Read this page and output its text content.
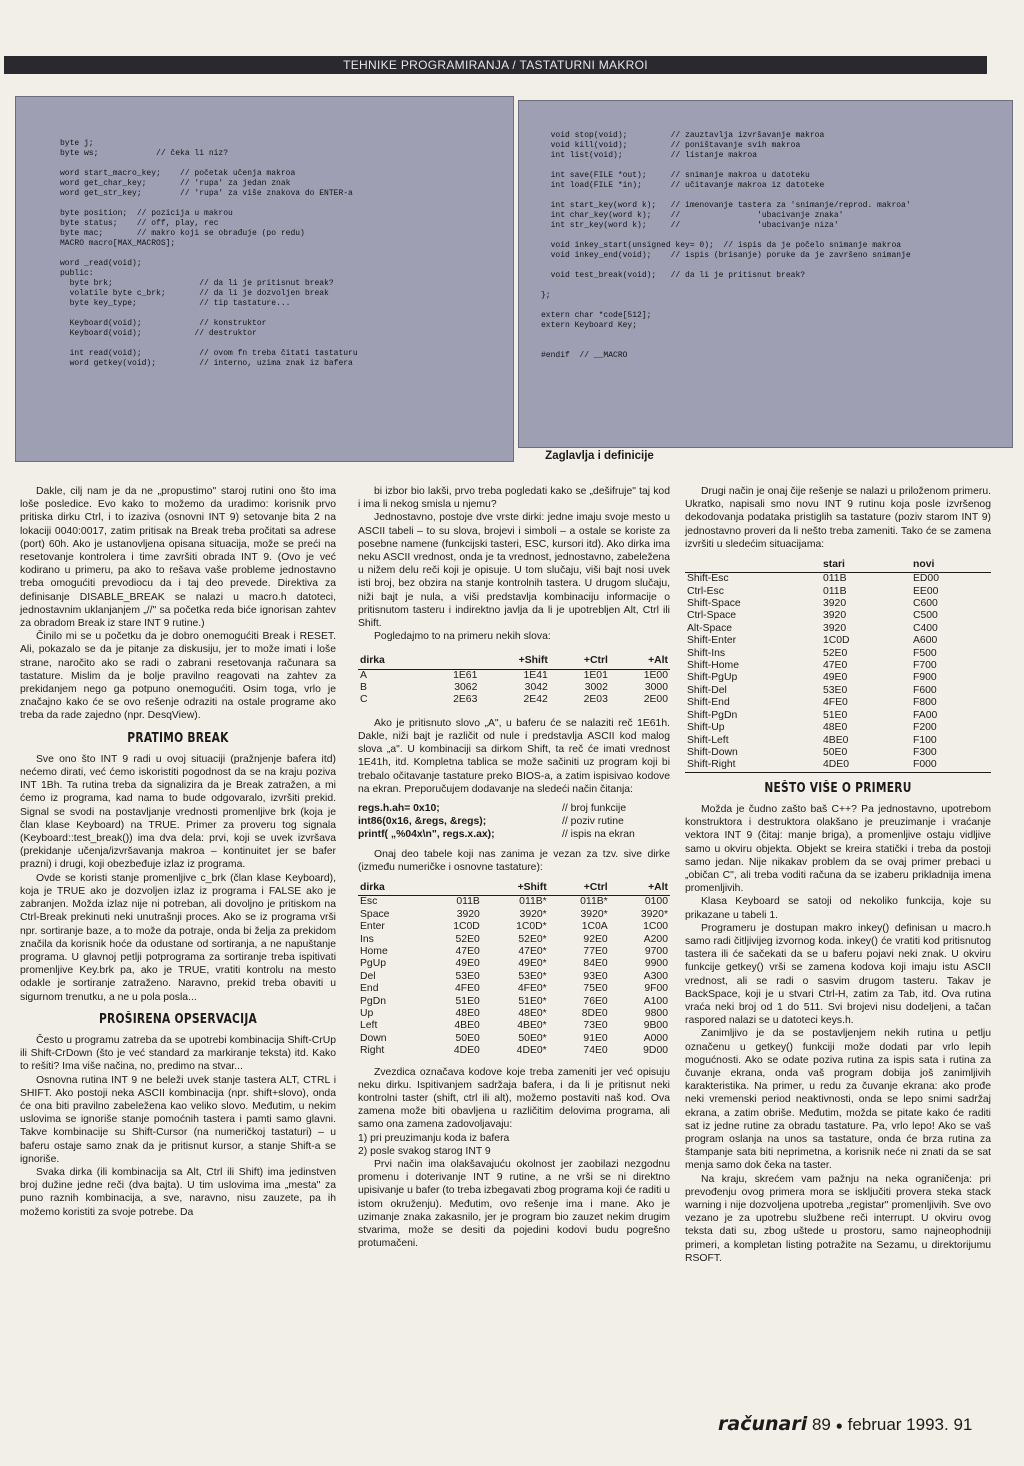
TEHNIKE PROGRAMIRANJA / TASTATURNI MAKROI

byte j;
byte ws;            // čeka li niz?

word start_macro_key;    // početak učenja makroa
word get_char_key;       // 'rupa' za jedan znak
word get_str_key;        // 'rupa' za više znakova do ENTER-a

byte position;  // pozicija u makrou
byte status;    // off, play, rec
byte mac;       // makro koji se obrađuje (po redu)
MACRO macro[MAX_MACROS];

word _read(void);
public:
byte brk;                  // da li je pritisnut break?
volatile byte c_brk;       // da li je dozvoljen break
byte key_type;             // tip tastature...

Keyboard(void);            // konstruktor
Keyboard(void);           // destruktor

int read(void);            // ovom fn treba čitati tastaturu
word getkey(void);         // interno, uzima znak iz bafera

void stop(void);         // zauztavlja izvršavanje makroa
void kill(void);         // poništavanje svih makroa
int list(void);          // listanje makroa

int save(FILE *out);     // snimanje makroa u datoteku
int load(FILE *in);      // učitavanje makroa iz datoteke

int start_key(word k);   // imenovanje tastera za 'snimanje/reprod. makroa'
int char_key(word k);    //                'ubacivanje znaka'
int str_key(word k);     //                'ubacivanje niza'

void inkey_start(unsigned key= 0);  // ispis da je počelo snimanje makroa
void inkey_end(void);    // ispis (brisanje) poruke da je završeno snimanje

void test_break(void);   // da li je pritisnut break?

};

extern char *code[512];
extern Keyboard Key;

#endif  // __MACRO

Zaglavlja i definicije

Dakle, cilj nam je da ne „propustimo" staroj rutini ono što ima loše posledice. Evo kako to možemo da uradimo: korisnik prvo pritiska dirku Ctrl, i to izaziva (osnovni INT 9) setovanje bita 2 na lokaciji 0040:0017, zatim pritisak na Break treba pročitati sa adrese (port) 60h. Ako je ustanovljena opisana situacija, može se preći na resetovanje kontrolera i time završiti obrada INT 9. (Ovo je već kodirano u primeru, pa ako to rešava vaše probleme jednostavno treba omogućiti prevodiocu da i taj deo prevede. Direktiva za definisanje DISABLE_BREAK se nalazi u macro.h datoteci, jednostavnim uklanjanjem „//" sa početka reda biće ignorisan zahtev za obradom Break iz stare INT 9 rutine.)

Činilo mi se u početku da je dobro onemogućiti Break i RESET. Ali, pokazalo se da je pitanje za diskusiju, jer to može imati i loše strane, naročito ako se radi o zabrani resetovanja računara sa tastature. Mislim da je bolje pravilno reagovati na zahtev za prekidanjem nego ga potpuno onemogućiti. Osim toga, vrlo je značajno kako će se ovo rešenje odraziti na ostale programe ako treba da rade zajedno (npr. DesqView).

PRATIMO BREAK

Sve ono što INT 9 radi u ovoj situaciji (pražnjenje bafera itd) nećemo dirati, već ćemo iskoristiti pogodnost da se na kraju poziva INT 1Bh. Ta rutina treba da signalizira da je Break zatražen, a mi ćemo iz programa, kad nama to bude odgovaralo, izvršiti prekid. Signal se svodi na postavljanje vrednosti promenljive brk (koja je član klase Keyboard) na TRUE. Primer za proveru tog signala (Keyboard::test_break()) ima dva dela: prvi, koji se uvek izvršava (prekidanje učenja/izvršavanja makroa – kontinuitet jer se bafer prazni) i drugi, koji obezbeđuje izlaz iz programa.

Ovde se koristi stanje promenljive c_brk (član klase Keyboard), koja je TRUE ako je dozvoljen izlaz iz programa i FALSE ako je zabranjen. Možda izlaz nije ni potreban, ali dovoljno je pritiskom na Ctrl-Break prekinuti neki unutrašnji proces. Ako se iz programa vrši npr. sortiranje baze, a to može da potraje, onda bi želja za prekidom značila da korisnik hoće da odustane od sortiranja, a ne napuštanje programa. U glavnoj petlji potprograma za sortiranje treba ispitivati promenljive Key.brk pa, ako je TRUE, vratiti kontrolu na mesto odakle je sortiranje zatraženo. Naravno, prekid treba obaviti u sigurnom trenutku, a ne u pola posla...

PROŠIRENA OPSERVACIJA

Često u programu zatreba da se upotrebi kombinacija Shift-CrUp ili Shift-CrDown (što je već standard za markiranje teksta) itd. Kako to rešiti? Ima više načina, no, predimo na stvar...

Osnovna rutina INT 9 ne beleži uvek stanje tastera ALT, CTRL i SHIFT. Ako postoji neka ASCII kombinacija (npr. shift+slovo), onda će ona biti pravilno zabeležena kao veliko slovo. Međutim, u nekim uslovima se ignoriše stanje pomoćnih tastera i pamti samo glavni. Takve kombinacije su Shift-Cursor (na numeričkoj tastaturi) – u baferu ostaje samo znak da je pritisnut kursor, a stanje Shift-a se ignoriše.

Svaka dirka (ili kombinacija sa Alt, Ctrl ili Shift) ima jedinstven broj dužine jedne reči (dva bajta). U tim uslovima ima „mesta" za puno raznih kombinacija, a sve, naravno, nisu zauzete, pa ih možemo koristiti za svoje potrebe. Da

bi izbor bio lakši, prvo treba pogledati kako se „dešifruje" taj kod i ima li nekog smisla u njemu?

Jednostavno, postoje dve vrste dirki: jedne imaju svoje mesto u ASCII tabeli – to su slova, brojevi i simboli – a ostale se koriste za posebne namene (funkcijski tasteri, ESC, kursori itd). Ako dirka ima neku ASCII vrednost, onda je ta vrednost, jednostavno, zabeležena u nižem delu reči koji je opisuje. U tom slučaju, viši bajt nosi uvek isti broj, bez obzira na stanje kontrolnih tastera. U drugom slučaju, niži bajt je nula, a viši predstavlja kombinaciju informacije o pritisnutom tasteru i indirektno javlja da li je upotrebljen Alt, Ctrl ili Shift.

Pogledajmo to na primeru nekih slova:

dirka		+Shift	+Ctrl	+Alt
A	1E61	1E41	1E01	1E00
B	3062	3042	3002	3000
C	2E63	2E42	2E03	2E00

Ako je pritisnuto slovo „A", u baferu će se nalaziti reč 1E61h. Dakle, niži bajt je različit od nule i predstavlja ASCII kod malog slova „a". U kombinaciji sa dirkom Shift, ta reč će imati vrednost 1E41h, itd. Kompletna tablica se može sačiniti uz program koji bi trebalo očitavanje tastature preko BIOS-a, a zatim ispisivao kodove na ekran. Preporučujem dodavanje na sledeći način čitanja:

regs.h.ah= 0x10;	// broj funkcije
int86(0x16, &regs, &regs);	// poziv rutine
printf( „%04x\n", regs.x.ax);	// ispis na ekran

Onaj deo tabele koji nas zanima je vezan za tzv. sive dirke (između numeričke i osnovne tastature):

dirka		+Shift	+Ctrl	+Alt
Esc	011B	011B*	011B*	0100
Space	3920	3920*	3920*	3920*
Enter	1C0D	1C0D*	1C0A	1C00
Ins	52E0	52E0*	92E0	A200
Home	47E0	47E0*	77E0	9700
PgUp	49E0	49E0*	84E0	9900
Del	53E0	53E0*	93E0	A300
End	4FE0	4FE0*	75E0	9F00
PgDn	51E0	51E0*	76E0	A100
Up	48E0	48E0*	8DE0	9800
Left	4BE0	4BE0*	73E0	9B00
Down	50E0	50E0*	91E0	A000
Right	4DE0	4DE0*	74E0	9D00

Zvezdica označava kodove koje treba zameniti jer već opisuju neku dirku. Ispitivanjem sadržaja bafera, i da li je pritisnut neki kontrolni taster (shift, ctrl ili alt), možemo postaviti naš kod. Ova zamena može biti obavljena u različitim delovima programa, ali samo ona zamena zadovoljavaju:

1) pri preuzimanju koda iz bafera

2) posle svakog starog INT 9

Prvi način ima olakšavajuću okolnost jer zaobilazi nezgodnu promenu i doterivanje INT 9 rutine, a ne vrši se ni direktno upisivanje u bafer (to treba izbegavati zbog programa koji će raditi u istom okruženju). Međutim, ovo rešenje ima i mane. Ako je uzimanje znaka zakasnilo, jer je program bio zauzet nekim drugim stvarima, može se desiti da pojedini kodovi budu pogrešno protumačeni.

Drugi način je onaj čije rešenje se nalazi u priloženom primeru. Ukratko, napisali smo novu INT 9 rutinu koja posle izvršenog dekodovanja podataka pristiglih sa tastature (poziv starom INT 9) jednostavno proveri da li nešto treba zameniti. Tako će se zamena izvršiti u sledećim situacijama:

	stari	novi
Shift-Esc	011B	ED00
Ctrl-Esc	011B	EE00
Shift-Space	3920	C600
Ctrl-Space	3920	C500
Alt-Space	3920	C400
Shift-Enter	1C0D	A600
Shift-Ins	52E0	F500
Shift-Home	47E0	F700
Shift-PgUp	49E0	F900
Shift-Del	53E0	F600
Shift-End	4FE0	F800
Shift-PgDn	51E0	FA00
Shift-Up	48E0	F200
Shift-Left	4BE0	F100
Shift-Down	50E0	F300
Shift-Right	4DE0	F000
NEŠTO VIŠE O PRIMERU

Možda je čudno zašto baš C++? Pa jednostavno, upotrebom konstruktora i destruktora olakšano je preuzimanje i vraćanje vektora INT 9 (čitaj: manje briga), a promenljive ostaju vidljive samo u okviru objekta. Objekt se kreira statički i treba da postoji samo jedan. Nije nikakav problem da se ovaj primer prebaci u „običan C", ali treba voditi računa da se izaberu prikladnija imena promenljivih.

Klasa Keyboard se satoji od nekoliko funkcija, koje su prikazane u tabeli 1.

Programeru je dostupan makro inkey() definisan u macro.h samo radi čitljivijeg izvornog koda. inkey() će vratiti kod pritisnutog tastera ili će sačekati da se u baferu pojavi neki znak. U okviru funkcije getkey() vrši se zamena kodova koji imaju istu ASCII vrednost, ali se radi o sasvim drugom tasteru. Takav je BackSpace, koji je u stvari Ctrl-H, zatim za Tab, itd. Ova rutina vraća neki broj od 1 do 511. Svi brojevi nisu dodeljeni, a tačan raspored nalazi se u datoteci keys.h.

Zanimljivo je da se postavljenjem nekih rutina u petlju označenu u getkey() funkciji može dodati par vrlo lepih mogućnosti. Ako se odate poziva rutina za ispis sata i rutina za čuvanje ekrana, onda vaš program dobija još zanimljivih karakteristika. Na primer, u redu za čuvanje ekrana: ako prođe neki vremenski period neaktivnosti, onda se lepo snimi sadržaj ekrana, a zatim obriše. Međutim, možda se pitate kako će raditi sat iz jedne rutine za obradu tastature. Pa, vrlo lepo! Ako se vaš program oslanja na unos sa tastature, onda će brza rutina za štampanje sata biti neprimetna, a korisnik neće ni znati da se sat menja samo dok čeka na taster.

Na kraju, skrećem vam pažnju na neka ograničenja: pri prevođenju ovog primera mora se isključiti provera steka stack warning i nije dozvoljena upotreba „registar" promenljivih. Sve ovo vezano je za upotrebu službene reči interrupt. U okviru ovog teksta dati su, zbog uštede u prostoru, samo najneophodniji primeri, a kompletan listing potražite na Sezamu, u direktorijumu RSOFT.

računari 89 ● februar 1993. 91
